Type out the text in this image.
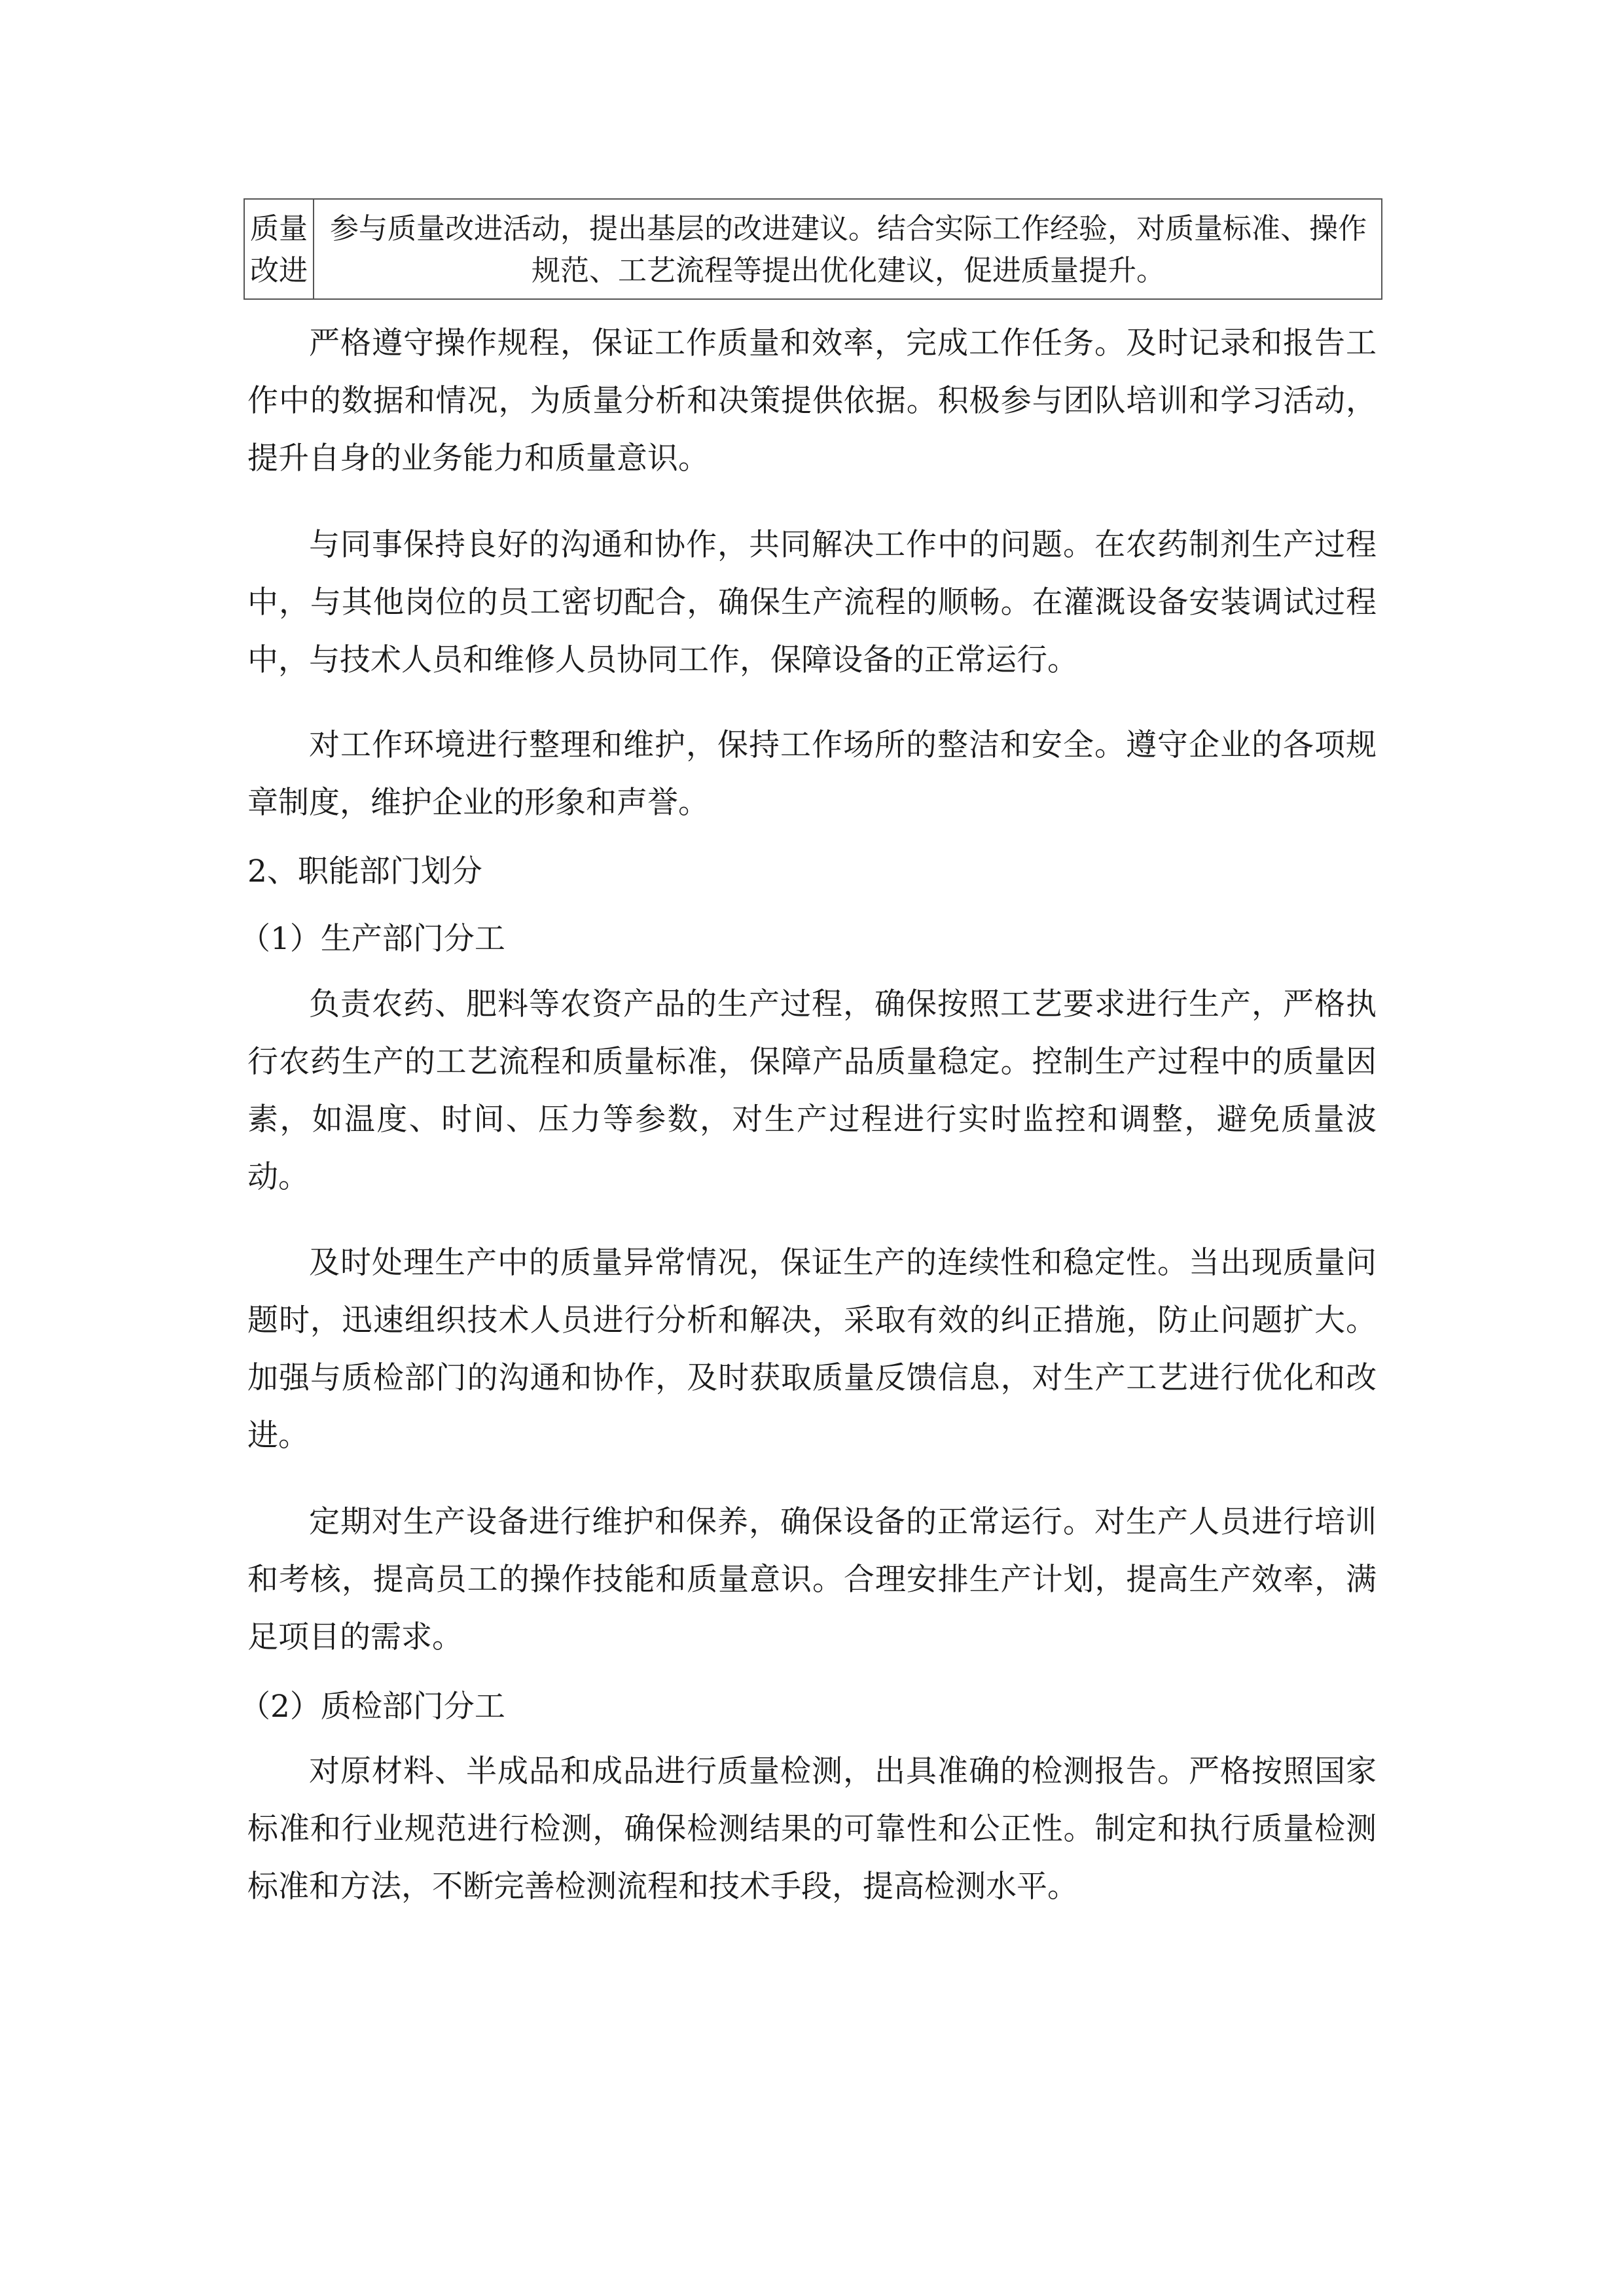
质量改进	参与质量改进活动，提出基层的改进建议。结合实际工作经验，对质量标准、操作规范、工艺流程等提出优化建议，促进质量提升。

严格遵守操作规程，保证工作质量和效率，完成工作任务。及时记录和报告工作中的数据和情况，为质量分析和决策提供依据。积极参与团队培训和学习活动，提升自身的业务能力和质量意识。

与同事保持良好的沟通和协作，共同解决工作中的问题。在农药制剂生产过程中，与其他岗位的员工密切配合，确保生产流程的顺畅。在灌溉设备安装调试过程中，与技术人员和维修人员协同工作，保障设备的正常运行。

对工作环境进行整理和维护，保持工作场所的整洁和安全。遵守企业的各项规章制度，维护企业的形象和声誉。

2、职能部门划分

（1）生产部门分工

负责农药、肥料等农资产品的生产过程，确保按照工艺要求进行生产，严格执行农药生产的工艺流程和质量标准，保障产品质量稳定。控制生产过程中的质量因素，如温度、时间、压力等参数，对生产过程进行实时监控和调整，避免质量波动。

及时处理生产中的质量异常情况，保证生产的连续性和稳定性。当出现质量问题时，迅速组织技术人员进行分析和解决，采取有效的纠正措施，防止问题扩大。加强与质检部门的沟通和协作，及时获取质量反馈信息，对生产工艺进行优化和改进。

定期对生产设备进行维护和保养，确保设备的正常运行。对生产人员进行培训和考核，提高员工的操作技能和质量意识。合理安排生产计划，提高生产效率，满足项目的需求。

（2）质检部门分工

对原材料、半成品和成品进行质量检测，出具准确的检测报告。严格按照国家标准和行业规范进行检测，确保检测结果的可靠性和公正性。制定和执行质量检测标准和方法，不断完善检测流程和技术手段，提高检测水平。
